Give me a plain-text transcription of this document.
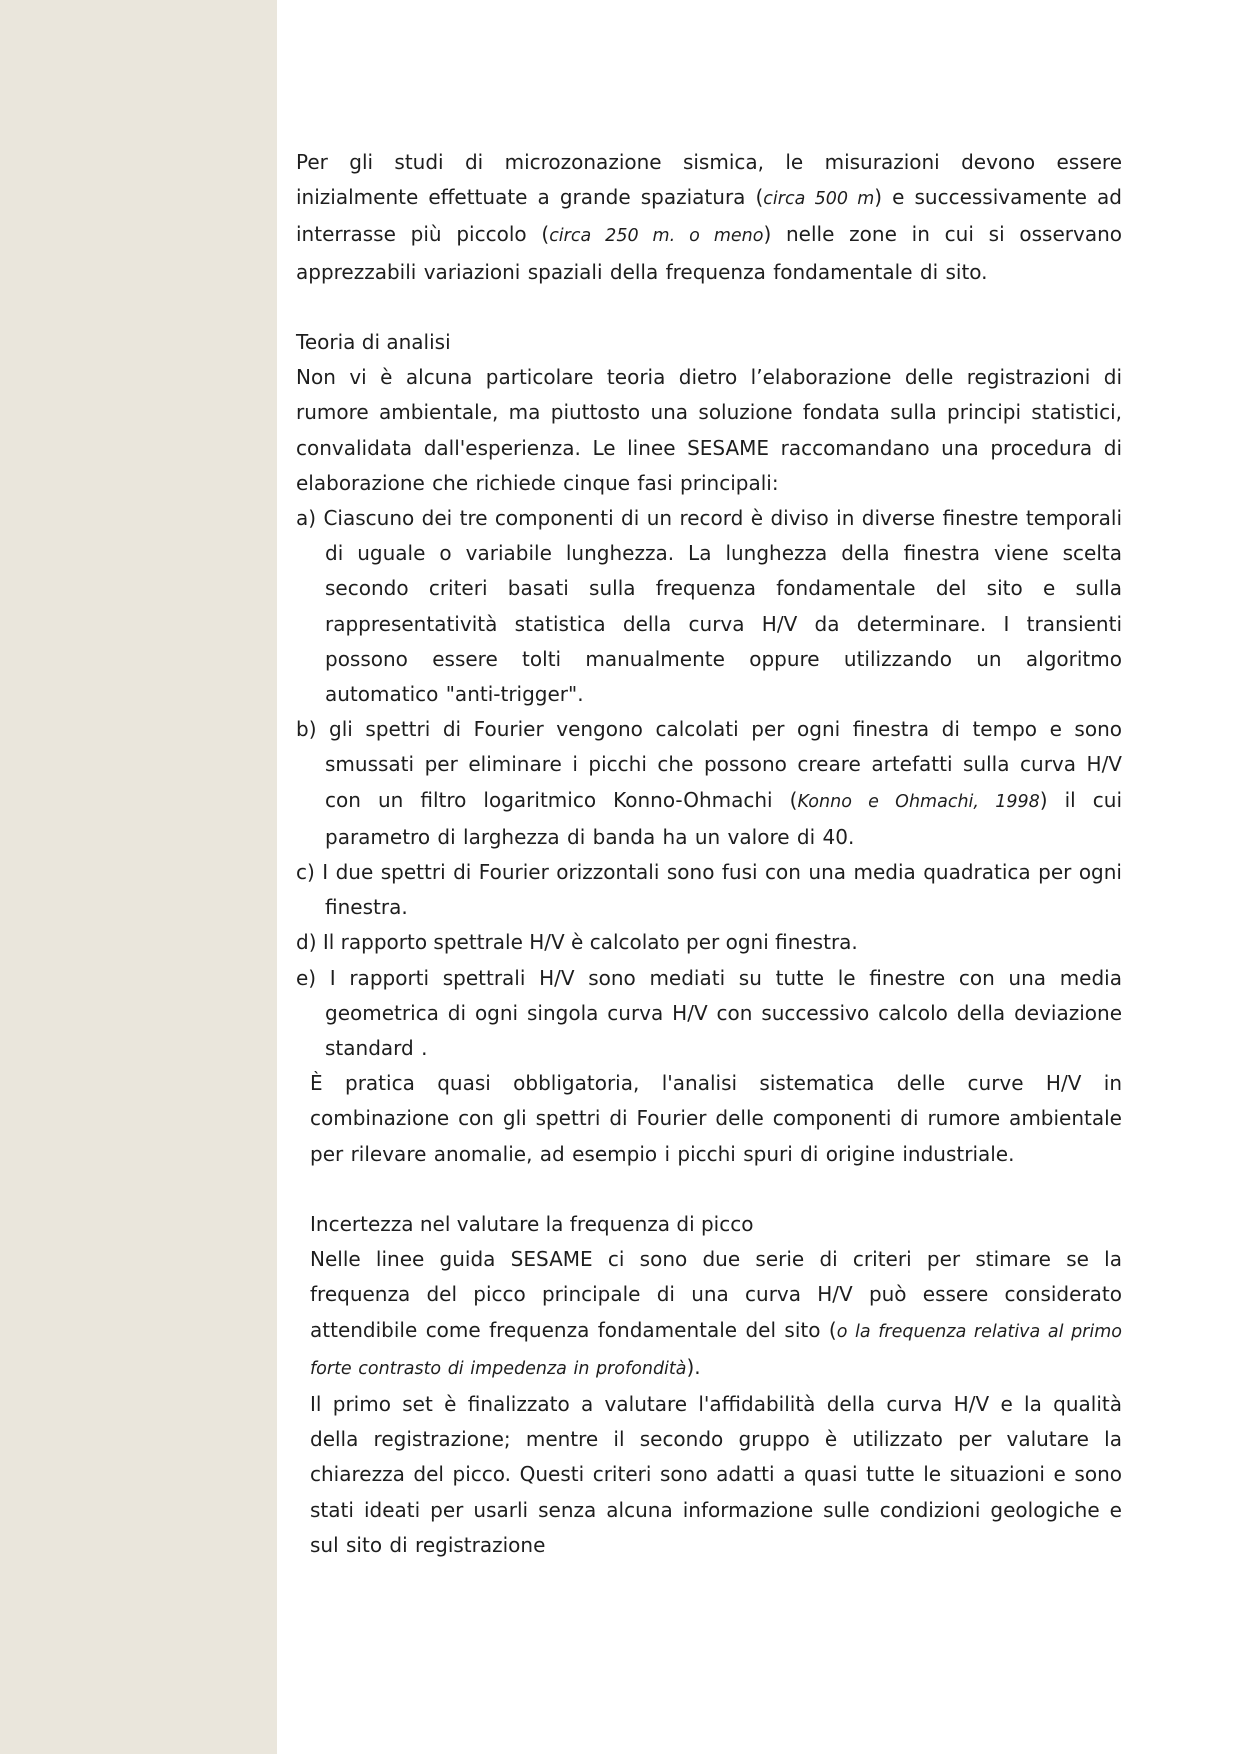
Per gli studi di microzonazione sismica, le misurazioni devono essere inizialmente effettuate a grande spaziatura (circa 500 m) e successivamente ad interrasse più piccolo (circa 250 m. o meno) nelle zone in cui si osservano apprezzabili variazioni spaziali della frequenza fondamentale di sito.

Teoria di analisi

Non vi è alcuna particolare teoria dietro l’elaborazione delle registrazioni di rumore ambientale, ma piuttosto una soluzione fondata sulla principi statistici, convalidata dall'esperienza. Le linee SESAME raccomandano una procedura di elaborazione che richiede cinque fasi principali:

a) Ciascuno dei tre componenti di un record è diviso in diverse finestre temporali di uguale o variabile lunghezza. La lunghezza della finestra viene scelta secondo criteri basati sulla frequenza fondamentale del sito e sulla rappresentatività statistica della curva H/V da determinare. I transienti possono essere tolti manualmente oppure utilizzando un algoritmo automatico "anti-trigger".

b) gli spettri di Fourier vengono calcolati per ogni finestra di tempo e sono smussati per eliminare i picchi che possono creare artefatti sulla curva H/V con un filtro logaritmico Konno-Ohmachi (Konno e Ohmachi, 1998) il cui parametro di larghezza di banda ha un valore di 40.

c) I due spettri di Fourier orizzontali sono fusi con una media quadratica per ogni finestra.

d) Il rapporto spettrale H/V è calcolato per ogni finestra.

e) I rapporti spettrali H/V sono mediati su tutte le finestre con una media geometrica di ogni singola curva H/V con successivo calcolo della deviazione standard .

È pratica quasi obbligatoria, l'analisi sistematica delle curve H/V in combinazione con gli spettri di Fourier delle componenti di rumore ambientale per rilevare anomalie, ad esempio i picchi spuri di origine industriale.

Incertezza nel valutare la frequenza di picco

Nelle linee guida SESAME ci sono due serie di criteri per stimare se la frequenza del picco principale di una curva H/V può essere considerato attendibile come frequenza fondamentale del sito (o la frequenza relativa al primo forte contrasto di impedenza in profondità).

Il primo set è finalizzato a valutare l'affidabilità della curva H/V e la qualità della registrazione; mentre il secondo gruppo è utilizzato per valutare la chiarezza del picco. Questi criteri sono adatti a quasi tutte le situazioni e sono stati ideati per usarli senza alcuna informazione sulle condizioni geologiche e sul sito di registrazione
